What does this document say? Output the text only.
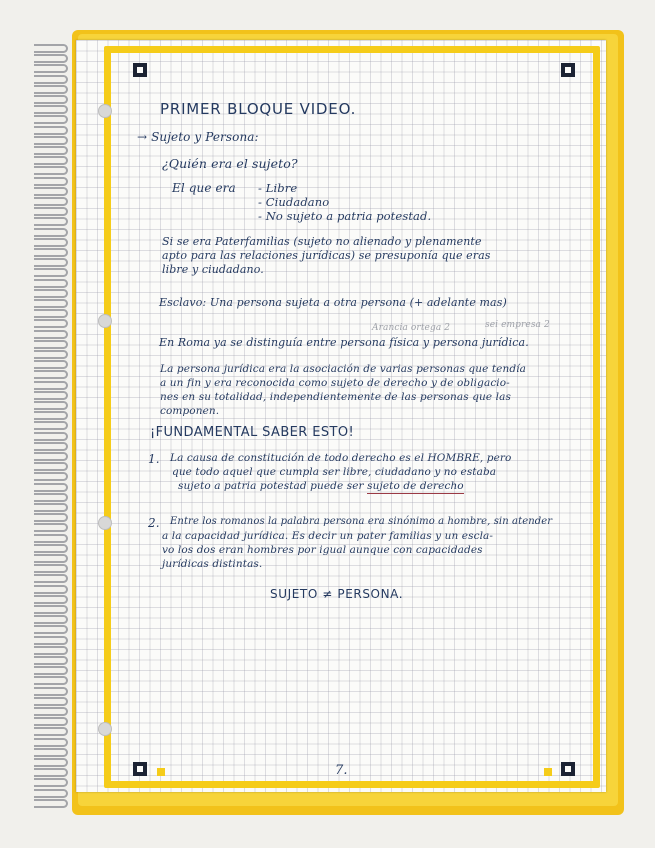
PRIMER BLOQUE VIDEO.

→ Sujeto y Persona:

¿Quién era el sujeto?

El que era - Libre

- Ciudadano

- No sujeto a patria potestad.

Si se era Paterfamilias (sujeto no alienado y plenamente

apto para las relaciones jurídicas) se presuponía que eras

libre y ciudadano.

Esclavo: Una persona sujeta a otra persona (+ adelante mas)

Arancia ortega 2	sei empresa 2

En Roma ya se distinguía entre persona física y persona jurídica.

La persona jurídica era la asociación de varias personas que tendía

a un fin y era reconocida como sujeto de derecho y de obligacio-

nes en su totalidad, independientemente de las personas que las

componen.

¡FUNDAMENTAL SABER ESTO!

1. La causa de constitución de todo derecho es el HOMBRE, pero

que todo aquel que cumpla ser libre, ciudadano y no estaba

sujeto a patria potestad puede ser sujeto de derecho

2. Entre los romanos la palabra persona era sinónimo a hombre, sin atender

a la capacidad jurídica. Es decir un pater familias y un escla-

vo los dos eran hombres por igual aunque con capacidades

jurídicas distintas.

SUJETO ≠ PERSONA.

7.
